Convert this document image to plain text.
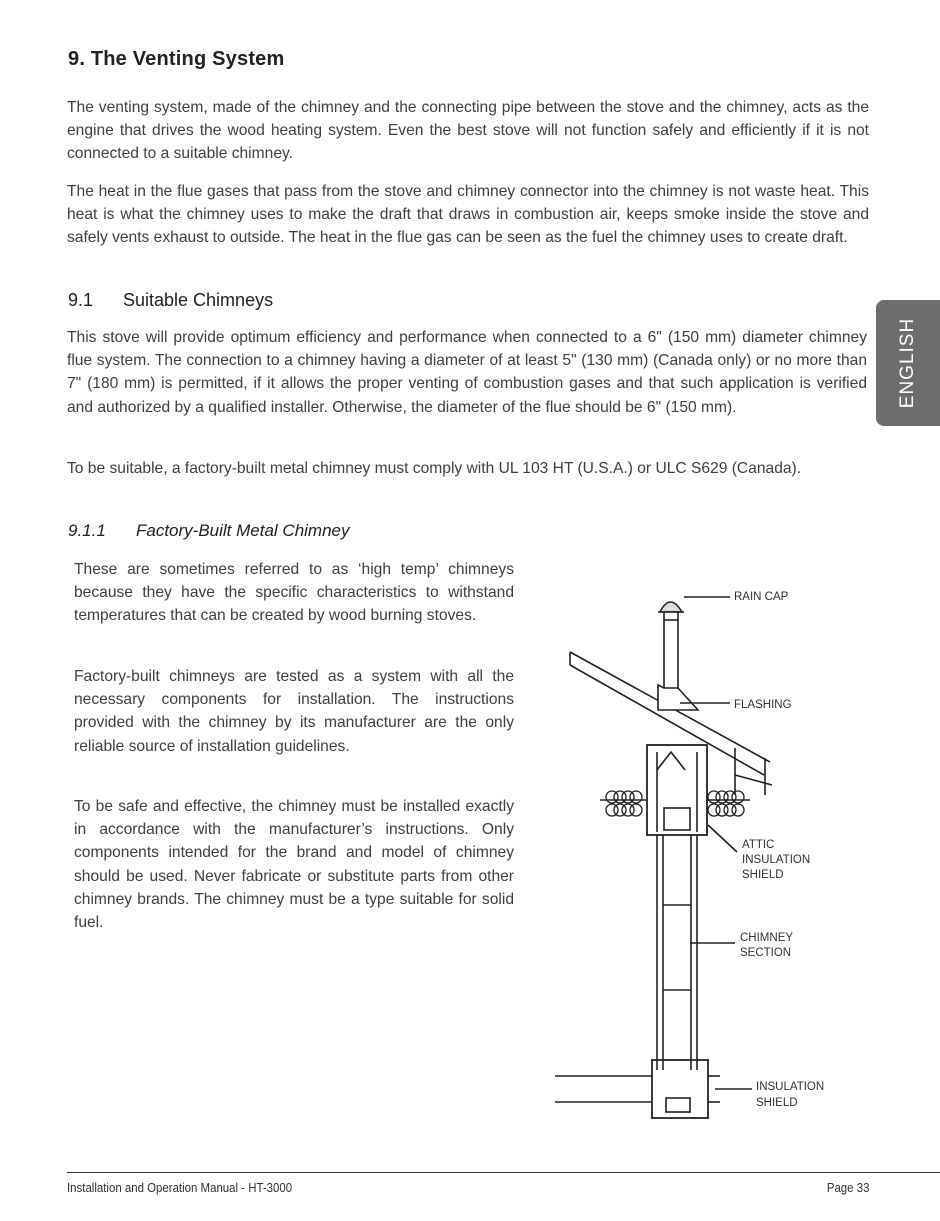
9. The Venting System

The venting system, made of the chimney and the connecting pipe between the stove and the chimney, acts as the engine that drives the wood heating system. Even the best stove will not function safely and efficiently if it is not connected to a suitable chimney.

The heat in the flue gases that pass from the stove and chimney connector into the chimney is not waste heat. This heat is what the chimney uses to make the draft that draws in combustion air, keeps smoke inside the stove and safely vents exhaust to outside. The heat in the flue gas can be seen as the fuel the chimney uses to create draft.

9.1 Suitable Chimneys

This stove will provide optimum efficiency and performance when connected to a 6" (150 mm) diameter chimney flue system. The connection to a chimney having a diameter of at least 5" (130 mm) (Canada only) or no more than 7" (180 mm) is permitted, if it allows the proper venting of combustion gases and that such application is verified and authorized by a qualified installer. Otherwise, the diameter of the flue should be 6" (150 mm).

To be suitable, a factory-built metal chimney must comply with UL 103 HT (U.S.A.) or ULC S629 (Canada).

9.1.1 Factory-Built Metal Chimney

These are sometimes referred to as ‘high temp’ chimneys because they have the specific characteristics to withstand temperatures that can be created by wood burning stoves.

Factory-built chimneys are tested as a system with all the necessary components for installation. The instructions provided with the chimney by its manufacturer are the only reliable source of installation guidelines.

To be safe and effective, the chimney must be installed exactly in accordance with the manufacturer’s instructions. Only components intended for the brand and model of chimney should be used. Never fabricate or substitute parts from other chimney brands. The chimney must be a type suitable for solid fuel.

RAIN CAP
FLASHING
ATTIC
INSULATION
SHIELD
CHIMNEY
SECTION
INSULATION
SHIELD
ENGLISH
Installation and Operation Manual - HT-3000	Page 33
